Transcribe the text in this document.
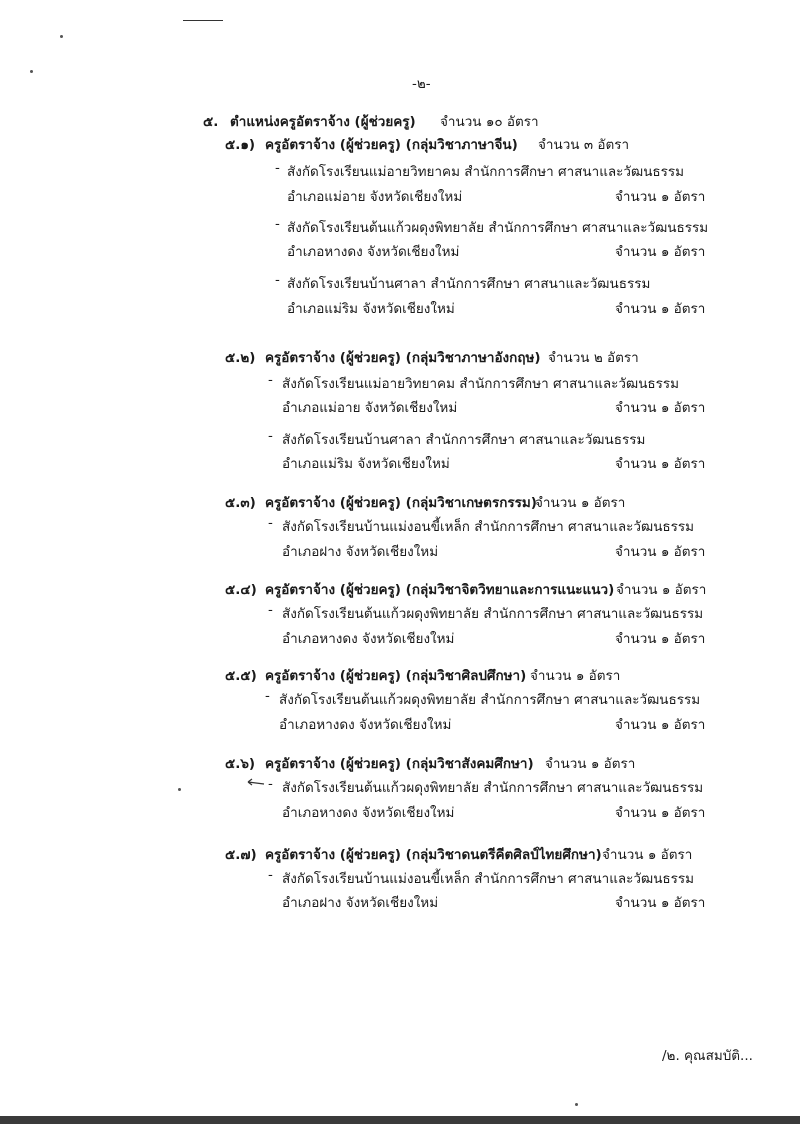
-๒-
๕. ตำแหน่งครูอัตราจ้าง (ผู้ช่วยครู) จำนวน ๑๐ อัตรา
๕.๑) ครูอัตราจ้าง (ผู้ช่วยครู) (กลุ่มวิชาภาษาจีน) จำนวน ๓ อัตรา
- สังกัดโรงเรียนแม่อายวิทยาคม สำนักการศึกษา ศาสนาและวัฒนธรรม
อำเภอแม่อาย จังหวัดเชียงใหม่	จำนวน ๑ อัตรา
- สังกัดโรงเรียนต้นแก้วผดุงพิทยาลัย สำนักการศึกษา ศาสนาและวัฒนธรรม
อำเภอหางดง จังหวัดเชียงใหม่	จำนวน ๑ อัตรา
- สังกัดโรงเรียนบ้านศาลา สำนักการศึกษา ศาสนาและวัฒนธรรม
อำเภอแม่ริม จังหวัดเชียงใหม่	จำนวน ๑ อัตรา
๕.๒) ครูอัตราจ้าง (ผู้ช่วยครู) (กลุ่มวิชาภาษาอังกฤษ) จำนวน ๒ อัตรา
- สังกัดโรงเรียนแม่อายวิทยาคม สำนักการศึกษา ศาสนาและวัฒนธรรม
อำเภอแม่อาย จังหวัดเชียงใหม่	จำนวน ๑ อัตรา
- สังกัดโรงเรียนบ้านศาลา สำนักการศึกษา ศาสนาและวัฒนธรรม
อำเภอแม่ริม จังหวัดเชียงใหม่	จำนวน ๑ อัตรา
๕.๓) ครูอัตราจ้าง (ผู้ช่วยครู) (กลุ่มวิชาเกษตรกรรม)
จำนวน ๑ อัตรา
- สังกัดโรงเรียนบ้านแม่งอนขี้เหล็ก สำนักการศึกษา ศาสนาและวัฒนธรรม
อำเภอฝาง จังหวัดเชียงใหม่	จำนวน ๑ อัตรา
๕.๔) ครูอัตราจ้าง (ผู้ช่วยครู) (กลุ่มวิชาจิตวิทยาและการแนะแนว) จำนวน ๑ อัตรา
- สังกัดโรงเรียนต้นแก้วผดุงพิทยาลัย สำนักการศึกษา ศาสนาและวัฒนธรรม
อำเภอหางดง จังหวัดเชียงใหม่	จำนวน ๑ อัตรา
๕.๕) ครูอัตราจ้าง (ผู้ช่วยครู) (กลุ่มวิชาศิลปศึกษา) จำนวน ๑ อัตรา
- สังกัดโรงเรียนต้นแก้วผดุงพิทยาลัย สำนักการศึกษา ศาสนาและวัฒนธรรม
อำเภอหางดง จังหวัดเชียงใหม่	จำนวน ๑ อัตรา
๕.๖) ครูอัตราจ้าง (ผู้ช่วยครู) (กลุ่มวิชาสังคมศึกษา) จำนวน ๑ อัตรา
- สังกัดโรงเรียนต้นแก้วผดุงพิทยาลัย สำนักการศึกษา ศาสนาและวัฒนธรรม
อำเภอหางดง จังหวัดเชียงใหม่	จำนวน ๑ อัตรา
๕.๗) ครูอัตราจ้าง (ผู้ช่วยครู) (กลุ่มวิชาดนตรีคีตศิลป์ไทยศึกษา) จำนวน ๑ อัตรา
- สังกัดโรงเรียนบ้านแม่งอนขี้เหล็ก สำนักการศึกษา ศาสนาและวัฒนธรรม
อำเภอฝาง จังหวัดเชียงใหม่	จำนวน ๑ อัตรา
/๒. คุณสมบัติ...
